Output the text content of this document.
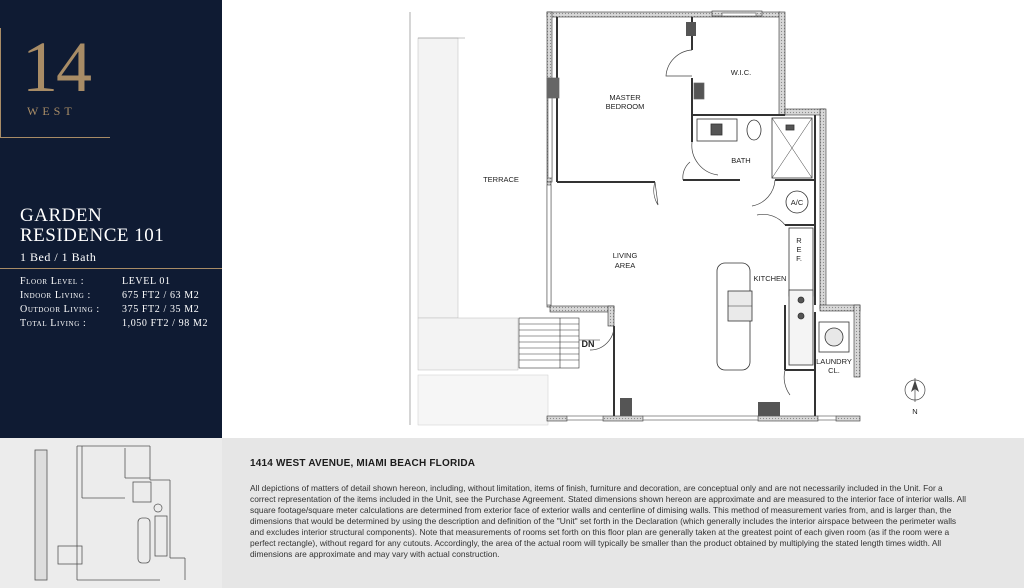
14
WEST
GARDEN
RESIDENCE 101
1 Bed / 1 Bath
Floor Level :	LEVEL 01
Indoor Living :	675 FT2 / 63 M2
Outdoor Living : 375 FT2 / 35 M2
Total Living :	1,050 FT2 / 98 M2
MASTER
BEDROOM
W.I.C.
BATH
A/C
TERRACE
LIVING
AREA
R
E
F.
KITCHEN
LAUNDRY
CL.
DN
N
1414 WEST AVENUE, MIAMI BEACH FLORIDA
All depictions of matters of detail shown hereon, including, without limitation, items of finish, furniture and decoration, are conceptual only and are not necessarily included in the Unit. For a correct representation of the items included in the Unit, see the Purchase Agreement. Stated dimensions shown hereon are approximate and are measured to the interior face of interior walls. All square footage/square meter calculations are determined from exterior face of exterior walls and centerline of dimising walls. This method of measurement varies from, and is larger than, the dimensions that would be determined by using the description and definition of the "Unit" set forth in the Declaration (which generally includes the interior airspace between the perimeter walls and excludes interior structural components). Note that measurements of rooms set forth on this floor plan are generally taken at the greatest point of each given room (as if the room were a perfect rectangle), without regard for any cutouts. Accordingly, the area of the actual room will typically be smaller than the product obtained by multiplying the stated length times width. All dimensions are approximate and may vary with actual construction.
